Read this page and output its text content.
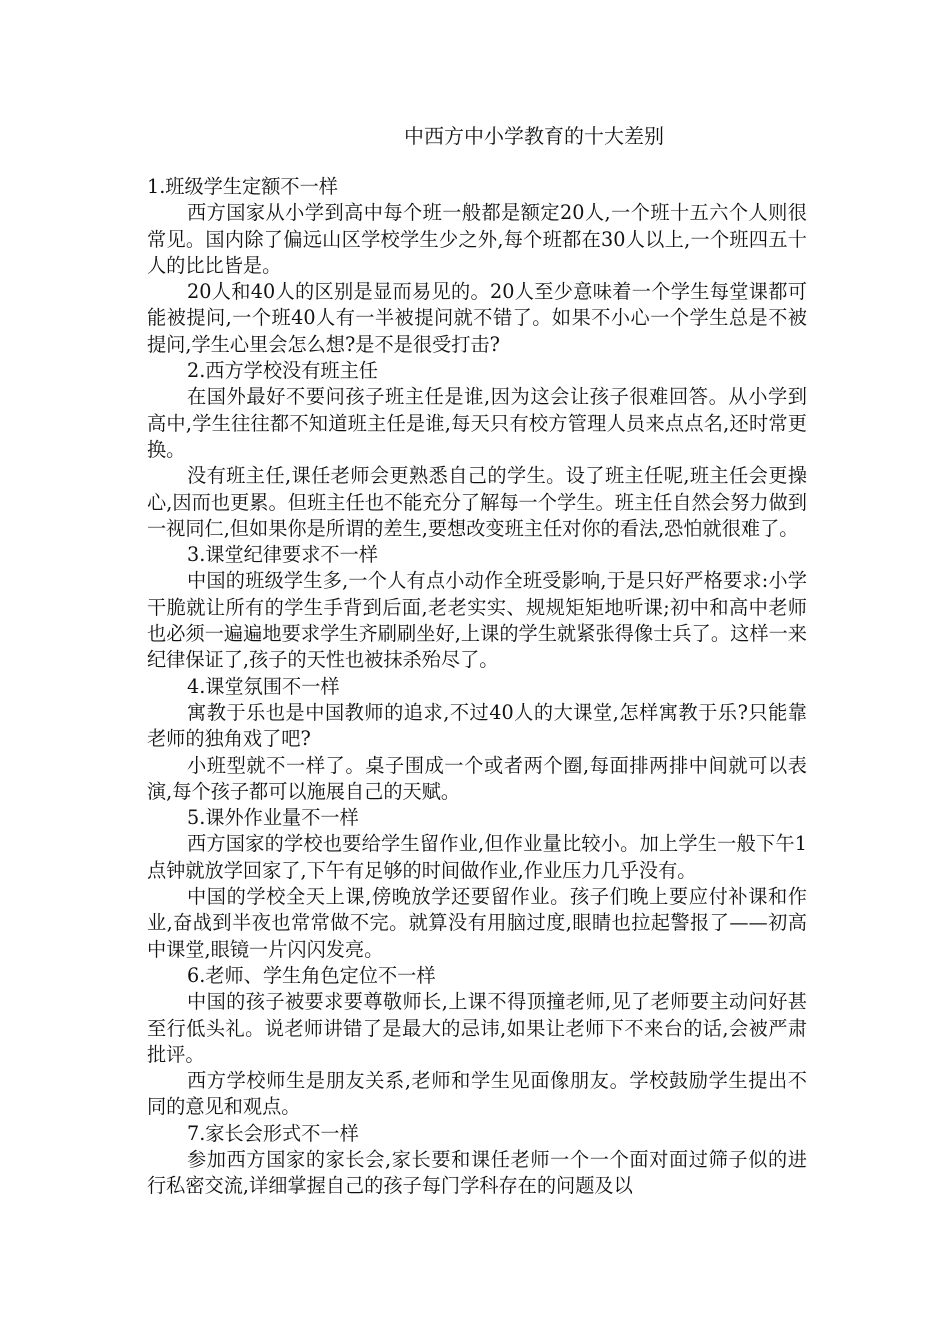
中西方中小学教育的十大差别

1.班级学生定额不一样

西方国家从小学到高中每个班一般都是额定20人,一个班十五六个人则很常见。国内除了偏远山区学校学生少之外,每个班都在30人以上,一个班四五十人的比比皆是。

20人和40人的区别是显而易见的。20人至少意味着一个学生每堂课都可能被提问,一个班40人有一半被提问就不错了。如果不小心一个学生总是不被提问,学生心里会怎么想?是不是很受打击?

2.西方学校没有班主任

在国外最好不要问孩子班主任是谁,因为这会让孩子很难回答。从小学到高中,学生往往都不知道班主任是谁,每天只有校方管理人员来点点名,还时常更换。

没有班主任,课任老师会更熟悉自己的学生。设了班主任呢,班主任会更操心,因而也更累。但班主任也不能充分了解每一个学生。班主任自然会努力做到一视同仁,但如果你是所谓的差生,要想改变班主任对你的看法,恐怕就很难了。

3.课堂纪律要求不一样

中国的班级学生多,一个人有点小动作全班受影响,于是只好严格要求:小学干脆就让所有的学生手背到后面,老老实实、规规矩矩地听课;初中和高中老师也必须一遍遍地要求学生齐刷刷坐好,上课的学生就紧张得像士兵了。这样一来纪律保证了,孩子的天性也被抹杀殆尽了。

4.课堂氛围不一样

寓教于乐也是中国教师的追求,不过40人的大课堂,怎样寓教于乐?只能靠老师的独角戏了吧?

小班型就不一样了。桌子围成一个或者两个圈,每面排两排中间就可以表演,每个孩子都可以施展自己的天赋。

5.课外作业量不一样

西方国家的学校也要给学生留作业,但作业量比较小。加上学生一般下午1点钟就放学回家了,下午有足够的时间做作业,作业压力几乎没有。

中国的学校全天上课,傍晚放学还要留作业。孩子们晚上要应付补课和作业,奋战到半夜也常常做不完。就算没有用脑过度,眼睛也拉起警报了——初高中课堂,眼镜一片闪闪发亮。

6.老师、学生角色定位不一样

中国的孩子被要求要尊敬师长,上课不得顶撞老师,见了老师要主动问好甚至行低头礼。说老师讲错了是最大的忌讳,如果让老师下不来台的话,会被严肃批评。

西方学校师生是朋友关系,老师和学生见面像朋友。学校鼓励学生提出不同的意见和观点。

7.家长会形式不一样

参加西方国家的家长会,家长要和课任老师一个一个面对面过筛子似的进行私密交流,详细掌握自己的孩子每门学科存在的问题及以
